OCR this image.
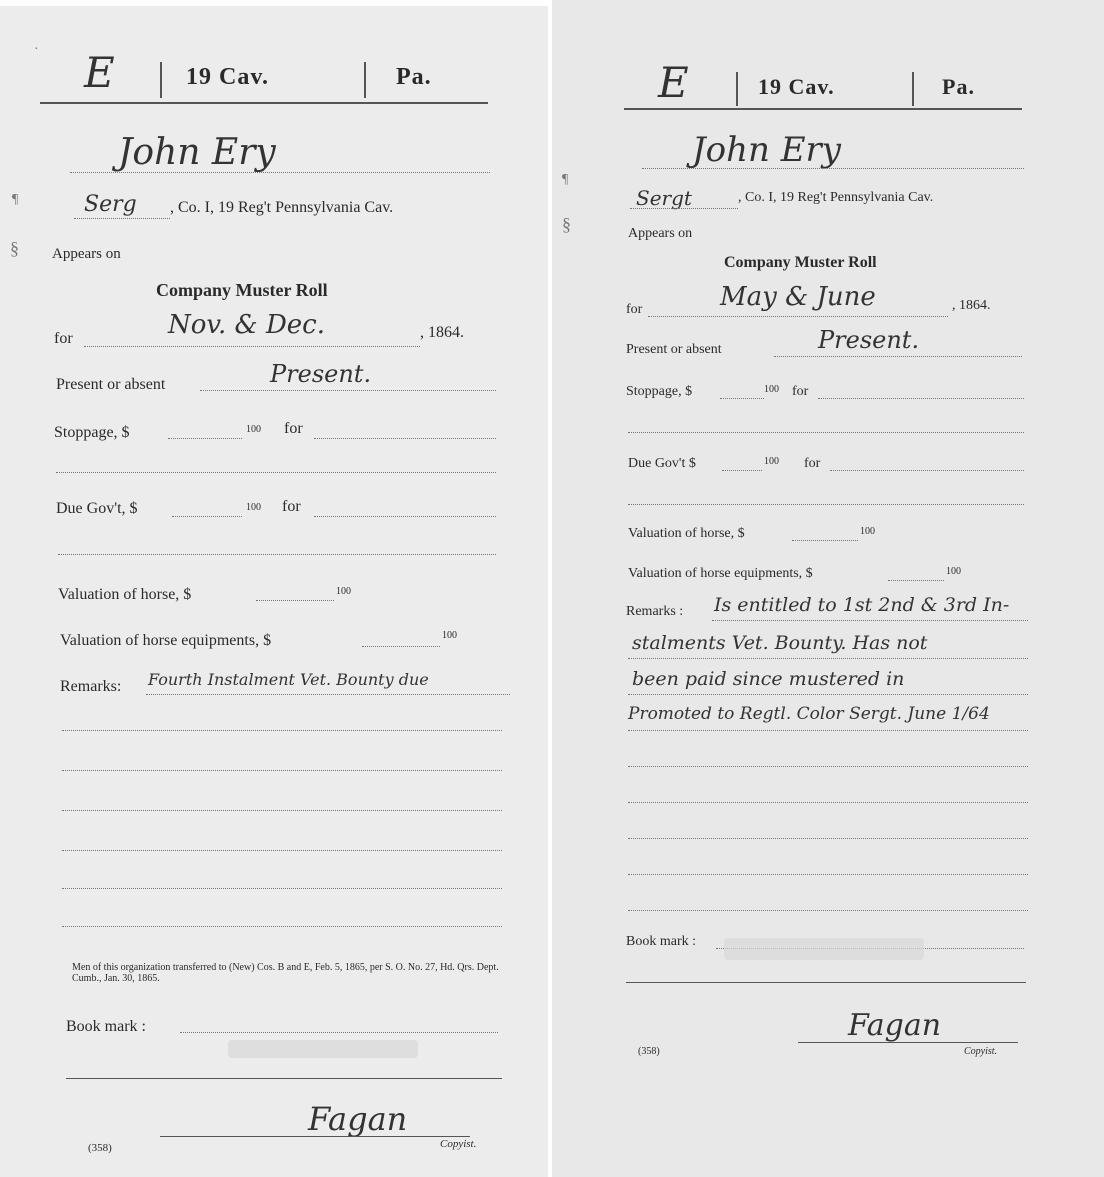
·
¶
§
E	19 Cav.	Pa.
John Ery
Serg , Co. I, 19 Reg't Pennsylvania Cav.
Appears on
Company Muster Roll
for	Nov. & Dec.	, 1864.
Present or absent	Present.
Stoppage, $	100 for
Due Gov't, $	100 for
Valuation of horse, $	100
Valuation of horse equipments, $	100
Remarks: Fourth Instalment Vet. Bounty due
Men of this organization transferred to (New) Cos. B and E, Feb. 5, 1865, per S. O. No. 27, Hd. Qrs. Dept. Cumb., Jan. 30, 1865.
Book mark :
Fagan
Copyist.
(358)
¶
§
E	19 Cav.	Pa.
John Ery
Sergt	, Co. I, 19 Reg't Pennsylvania Cav.
Appears on
Company Muster Roll
for	May & June	, 1864.
Present or absent	Present.
Stoppage, $	100 for
Due Gov't $	100 for
Valuation of horse, $	100
Valuation of horse equipments, $	100
Remarks : Is entitled to 1st 2nd & 3rd In-
stalments Vet. Bounty. Has not
been paid since mustered in
Promoted to Regtl. Color Sergt. June 1/64
Book mark :
Fagan
Copyist.
(358)
